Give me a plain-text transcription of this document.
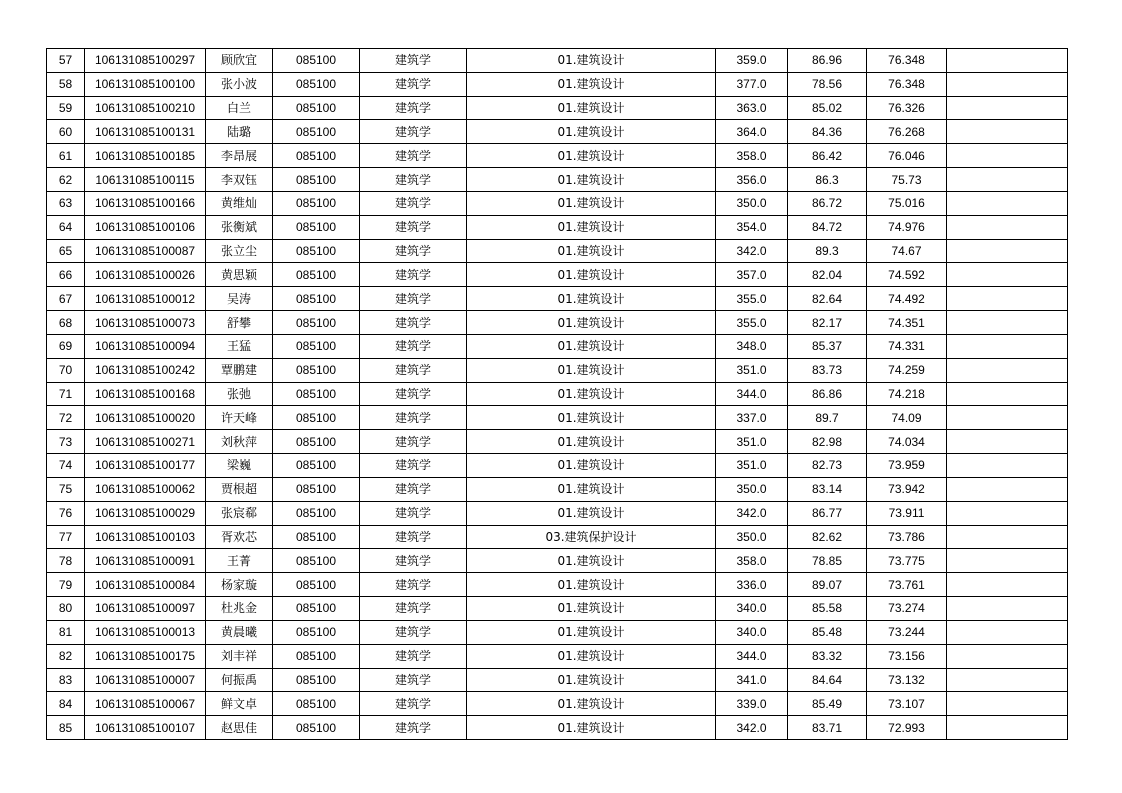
57	106131085100297	顾欣宜	085100	建筑学	01.建筑设计	359.0	86.96	76.348	
58	106131085100100	张小波	085100	建筑学	01.建筑设计	377.0	78.56	76.348	
59	106131085100210	白兰	085100	建筑学	01.建筑设计	363.0	85.02	76.326	
60	106131085100131	陆璐	085100	建筑学	01.建筑设计	364.0	84.36	76.268	
61	106131085100185	李昂展	085100	建筑学	01.建筑设计	358.0	86.42	76.046	
62	106131085100115	李双钰	085100	建筑学	01.建筑设计	356.0	86.3	75.73	
63	106131085100166	黄维灿	085100	建筑学	01.建筑设计	350.0	86.72	75.016	
64	106131085100106	张衡斌	085100	建筑学	01.建筑设计	354.0	84.72	74.976	
65	106131085100087	张立尘	085100	建筑学	01.建筑设计	342.0	89.3	74.67	
66	106131085100026	黄思颖	085100	建筑学	01.建筑设计	357.0	82.04	74.592	
67	106131085100012	吴涛	085100	建筑学	01.建筑设计	355.0	82.64	74.492	
68	106131085100073	舒攀	085100	建筑学	01.建筑设计	355.0	82.17	74.351	
69	106131085100094	王猛	085100	建筑学	01.建筑设计	348.0	85.37	74.331	
70	106131085100242	覃鹏建	085100	建筑学	01.建筑设计	351.0	83.73	74.259	
71	106131085100168	张弛	085100	建筑学	01.建筑设计	344.0	86.86	74.218	
72	106131085100020	许天峰	085100	建筑学	01.建筑设计	337.0	89.7	74.09	
73	106131085100271	刘秋萍	085100	建筑学	01.建筑设计	351.0	82.98	74.034	
74	106131085100177	梁巍	085100	建筑学	01.建筑设计	351.0	82.73	73.959	
75	106131085100062	贾根超	085100	建筑学	01.建筑设计	350.0	83.14	73.942	
76	106131085100029	张宸郗	085100	建筑学	01.建筑设计	342.0	86.77	73.911	
77	106131085100103	胥欢芯	085100	建筑学	03.建筑保护设计	350.0	82.62	73.786	
78	106131085100091	王菁	085100	建筑学	01.建筑设计	358.0	78.85	73.775	
79	106131085100084	杨家璇	085100	建筑学	01.建筑设计	336.0	89.07	73.761	
80	106131085100097	杜兆金	085100	建筑学	01.建筑设计	340.0	85.58	73.274	
81	106131085100013	黄晨曦	085100	建筑学	01.建筑设计	340.0	85.48	73.244	
82	106131085100175	刘丰祥	085100	建筑学	01.建筑设计	344.0	83.32	73.156	
83	106131085100007	何振禹	085100	建筑学	01.建筑设计	341.0	84.64	73.132	
84	106131085100067	鲜文卓	085100	建筑学	01.建筑设计	339.0	85.49	73.107	
85	106131085100107	赵思佳	085100	建筑学	01.建筑设计	342.0	83.71	72.993	
